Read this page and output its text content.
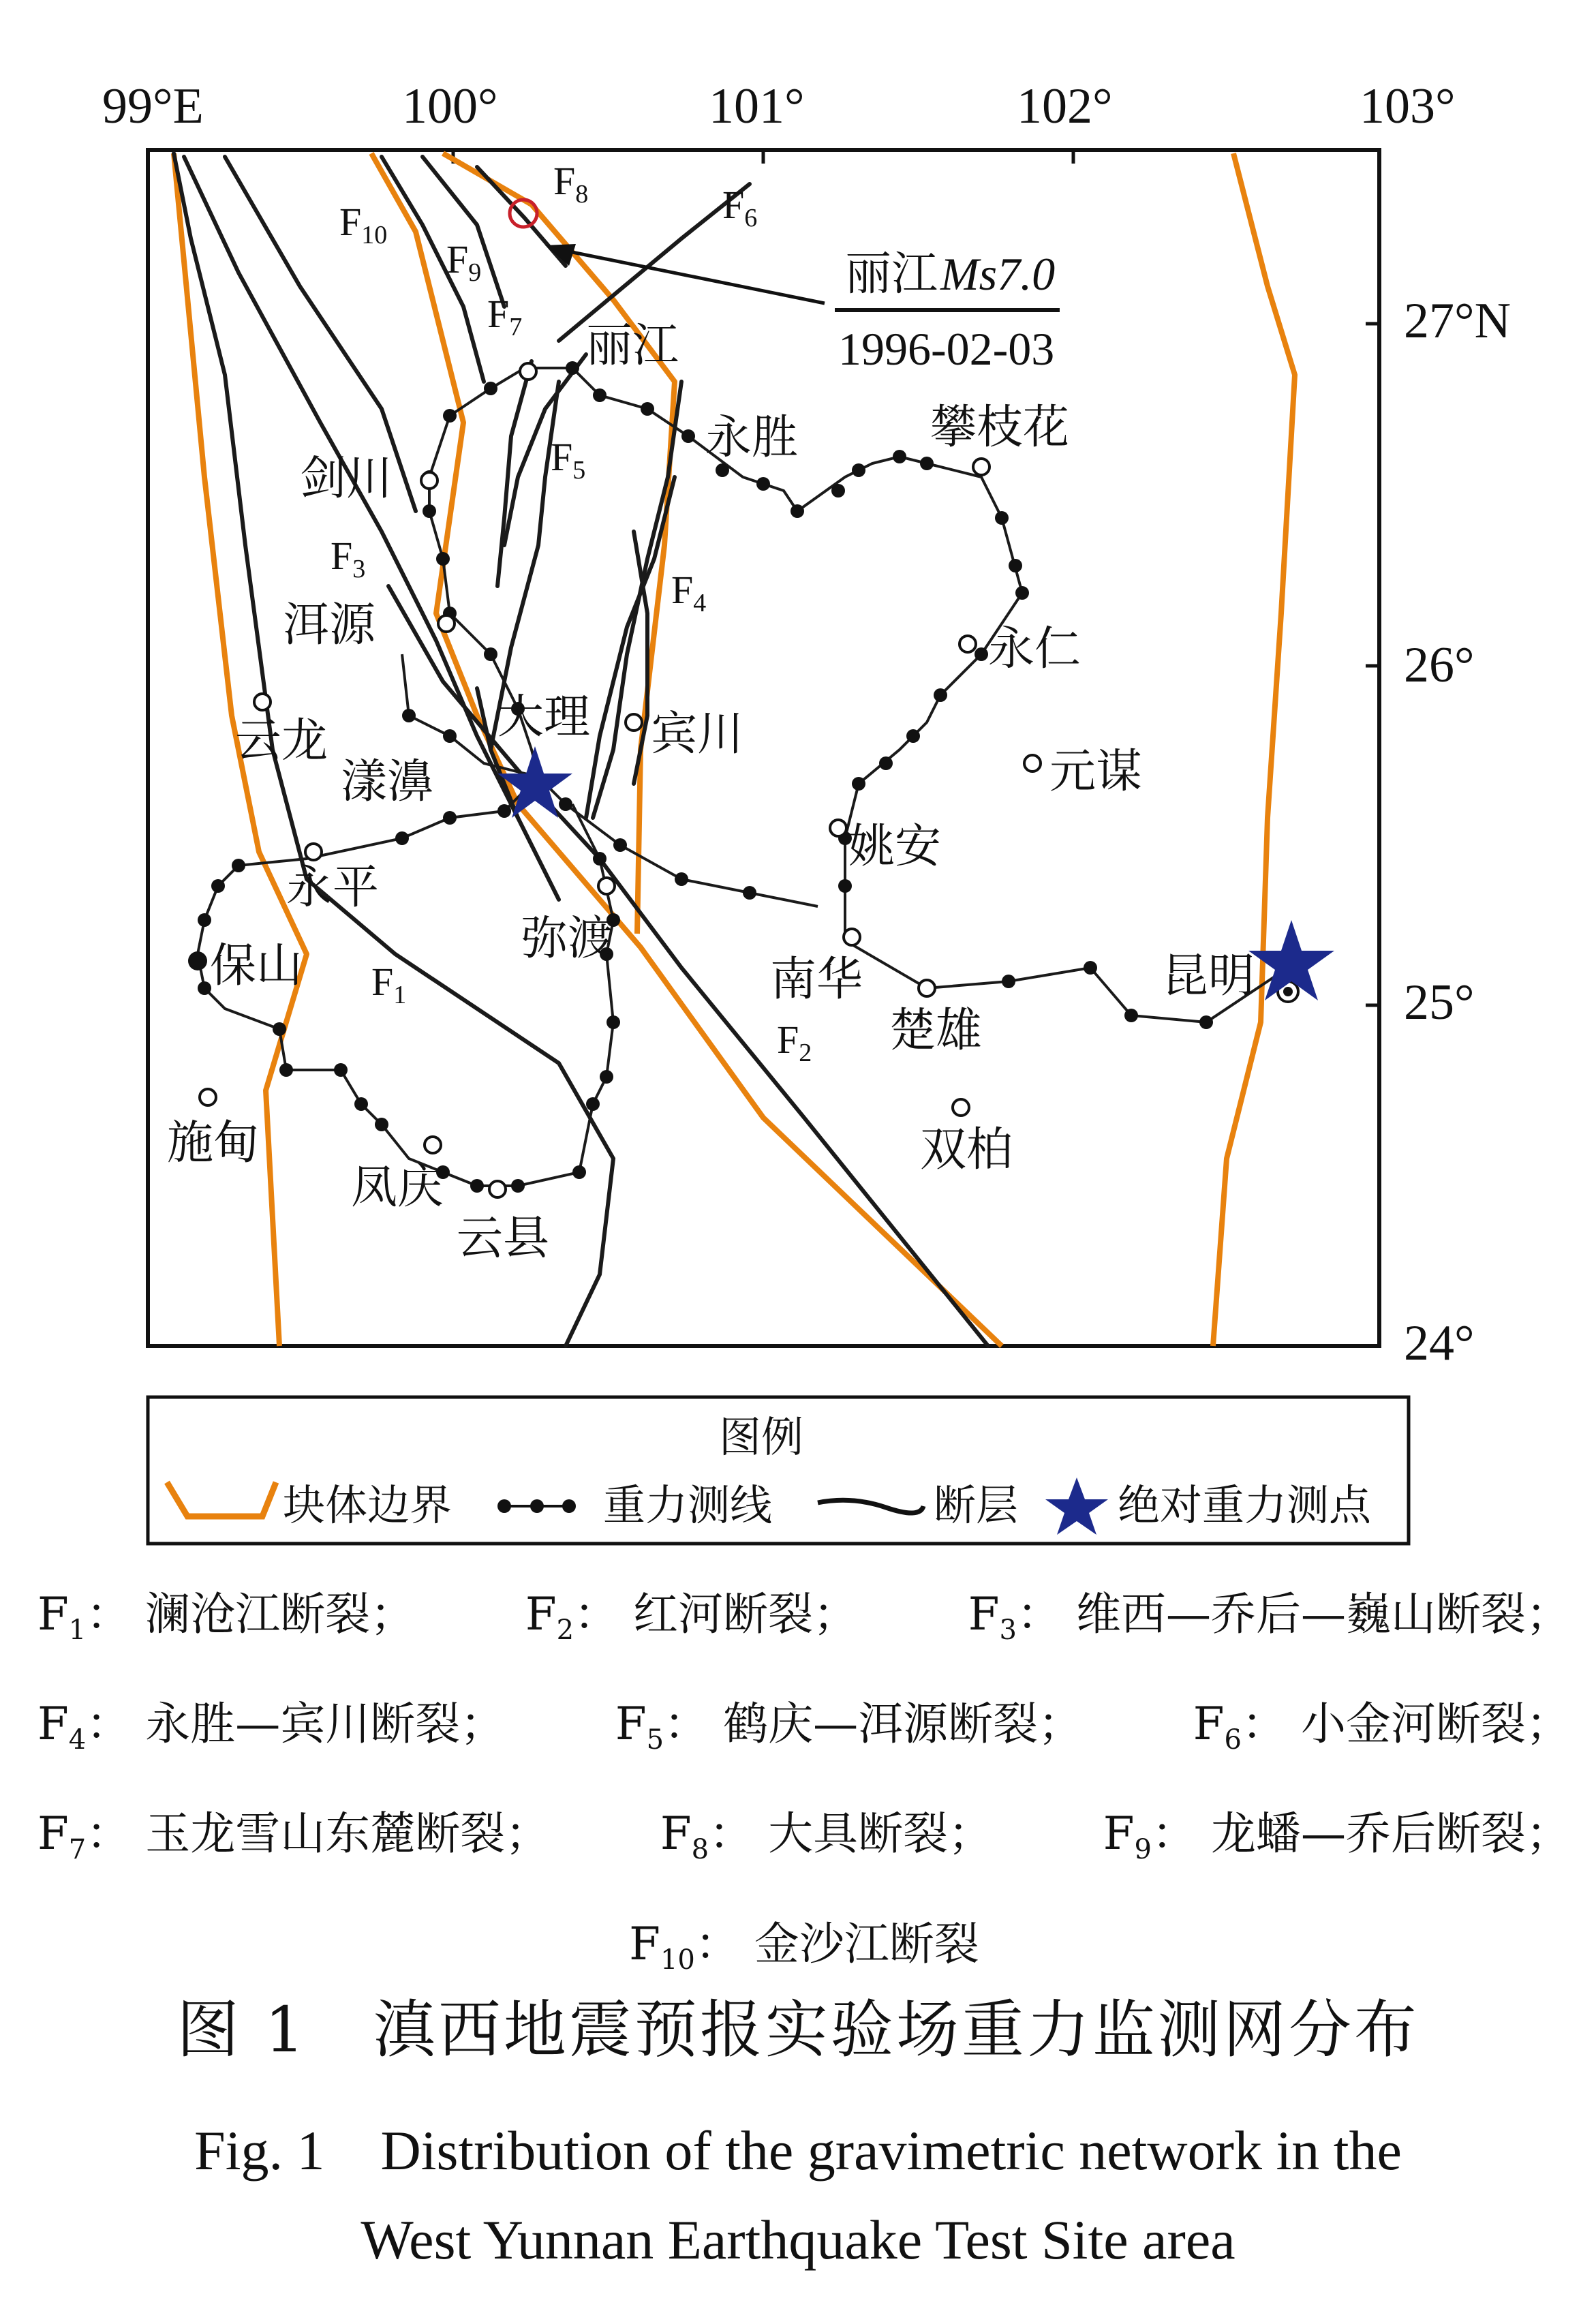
99°E	100°	101°	102°	103°
27°N
26°
25°
24°
丽江 Ms7.0
1996-02-03
$F_{10}$
$F_9$
$F_8$
$F_7$
$F_6$
$F_5$
$F_4$
$F_3$
$F_2$
$F_1$
丽江
永胜	攀枝花
剑川
洱源	永仁
云龙	大理 宾川
元谋
漾濞
姚安
永平
弥渡
南华
保山
楚雄
昆明
施甸	双柏
凤庆
云县
图例
块体边界	重力测线	断层 绝对重力测点
$F_1$： 澜沧江断裂； $F_2$： 红河断裂； $F_3$： 维西—乔后—巍山断裂；
$F_4$： 永胜—宾川断裂； $F_5$： 鹤庆—洱源断裂； $F_6$： 小金河断裂；
$F_7$： 玉龙雪山东麓断裂； $F_8$： 大具断裂； $F_9$： 龙蟠—乔后断裂；
$F_{10}$： 金沙江断裂
图 1　滇西地震预报实验场重力监测网分布
Fig. 1　Distribution of the gravimetric network in the
West Yunnan Earthquake Test Site area
